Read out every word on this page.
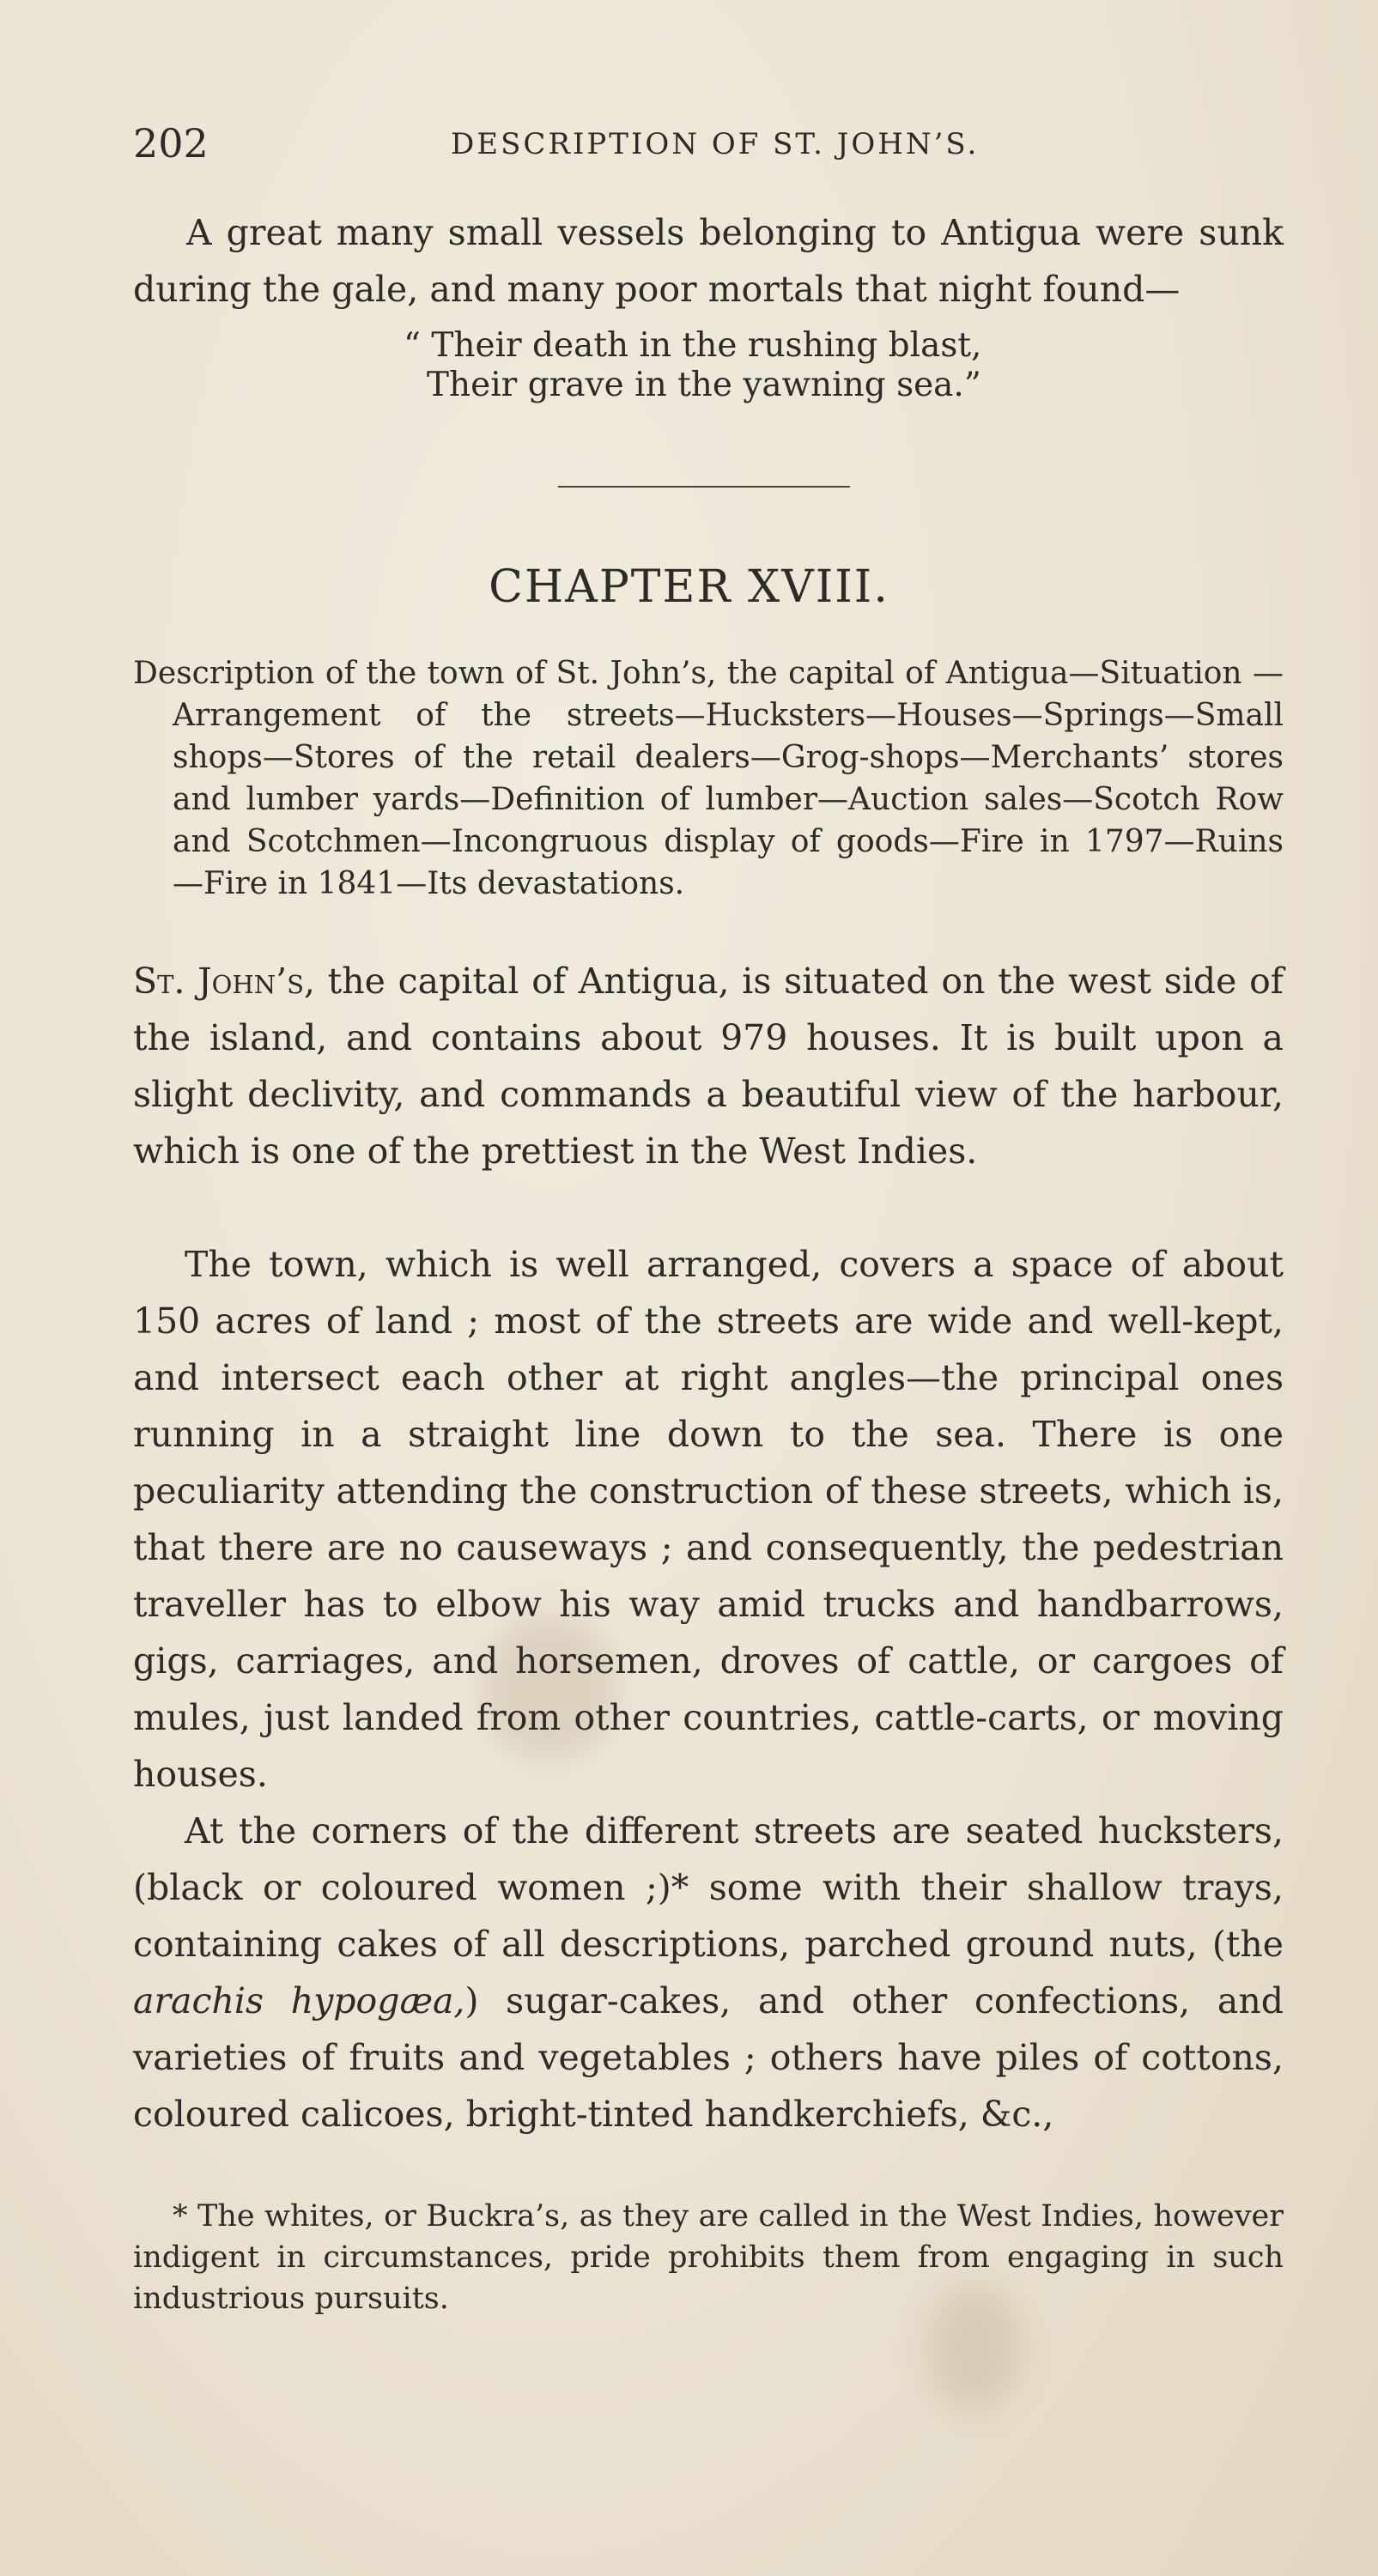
202	DESCRIPTION OF ST. JOHN’S.

A great many small vessels belonging to Antigua were sunk during the gale, and many poor mortals that night found—

“ Their death in the rushing blast,
Their grave in the yawning sea.”
CHAPTER XVIII.

Description of the town of St. John’s, the capital of Antigua—Situation —Arrangement of the streets—Hucksters—Houses—Springs—Small shops—Stores of the retail dealers—Grog-shops—Merchants’ stores and lumber yards—Definition of lumber—Auction sales—Scotch Row and Scotchmen—Incongruous display of goods—Fire in 1797—Ruins —Fire in 1841—Its devastations.

St. John’s, the capital of Antigua, is situated on the west side of the island, and contains about 979 houses. It is built upon a slight declivity, and commands a beautiful view of the harbour, which is one of the prettiest in the West Indies.

The town, which is well arranged, covers a space of about 150 acres of land ; most of the streets are wide and well-kept, and intersect each other at right angles—the principal ones running in a straight line down to the sea. There is one peculiarity attending the construction of these streets, which is, that there are no causeways ; and consequently, the pedestrian traveller has to elbow his way amid trucks and handbarrows, gigs, carriages, and horsemen, droves of cattle, or cargoes of mules, just landed from other countries, cattle-carts, or moving houses.

At the corners of the different streets are seated hucksters, (black or coloured women ;)* some with their shallow trays, containing cakes of all descriptions, parched ground nuts, (the arachis hypogæa,) sugar-cakes, and other confections, and varieties of fruits and vegetables ; others have piles of cottons, coloured calicoes, bright-tinted handkerchiefs, &c.,

* The whites, or Buckra’s, as they are called in the West Indies, however indigent in circumstances, pride prohibits them from engaging in such industrious pursuits.
